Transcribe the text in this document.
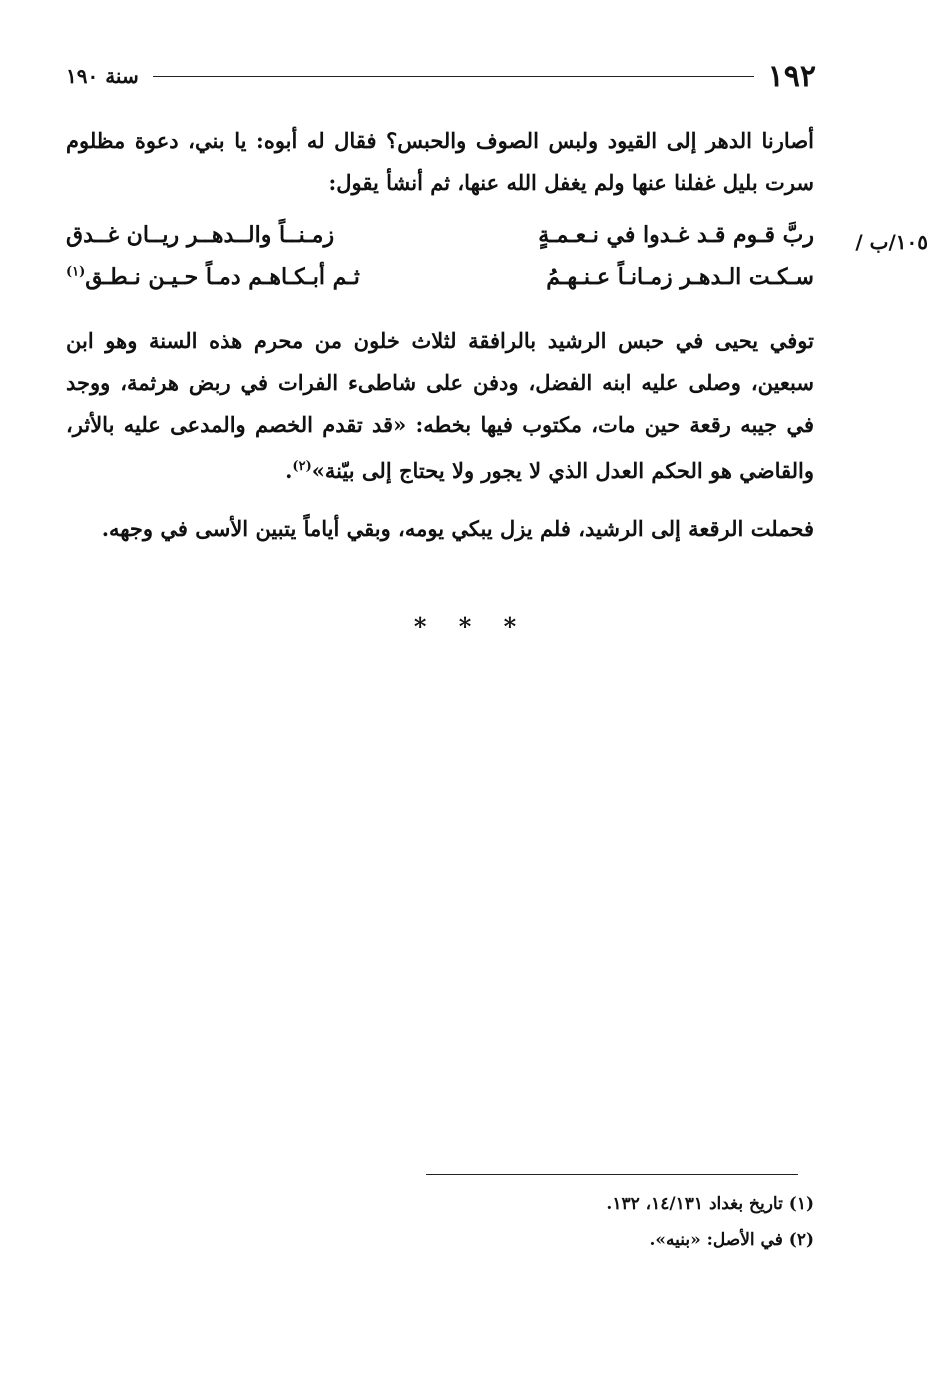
١٩٢
سنة ١٩٠
أصارنا الدهر إلى القيود ولبس الصوف والحبس؟ فقال له أبوه: يا بني، دعوة مظلوم سرت بليل غفلنا عنها ولم يغفل الله عنها، ثم أنشأ يقول:
١٠٥/ب /
ربَّ قـوم قـد غـدوا في نـعـمـةٍ
زمـنــاً والــدهــر ريــان غــدق
سـكـت الـدهـر زمـانـاً عـنـهـمُ
ثـم أبـكـاهـم دمـاً حـيـن نـطـق$^{(١)}$
توفي يحيى في حبس الرشيد بالرافقة لثلاث خلون من محرم هذه السنة وهو ابن سبعين، وصلى عليه ابنه الفضل، ودفن على شاطىء الفرات في ربض هرثمة، ووجد في جيبه رقعة حين مات، مكتوب فيها بخطه: «قد تقدم الخصم والمدعى عليه بالأثر، والقاضي هو الحكم العدل الذي لا يجور ولا يحتاج إلى بيّنة»$^{(٢)}$.
فحملت الرقعة إلى الرشيد، فلم يزل يبكي يومه، وبقي أياماً يتبين الأسى في وجهه.
* * *
(١) تاريخ بغداد ١٤/١٣١، ١٣٢.
(٢) في الأصل: «بنيه».
